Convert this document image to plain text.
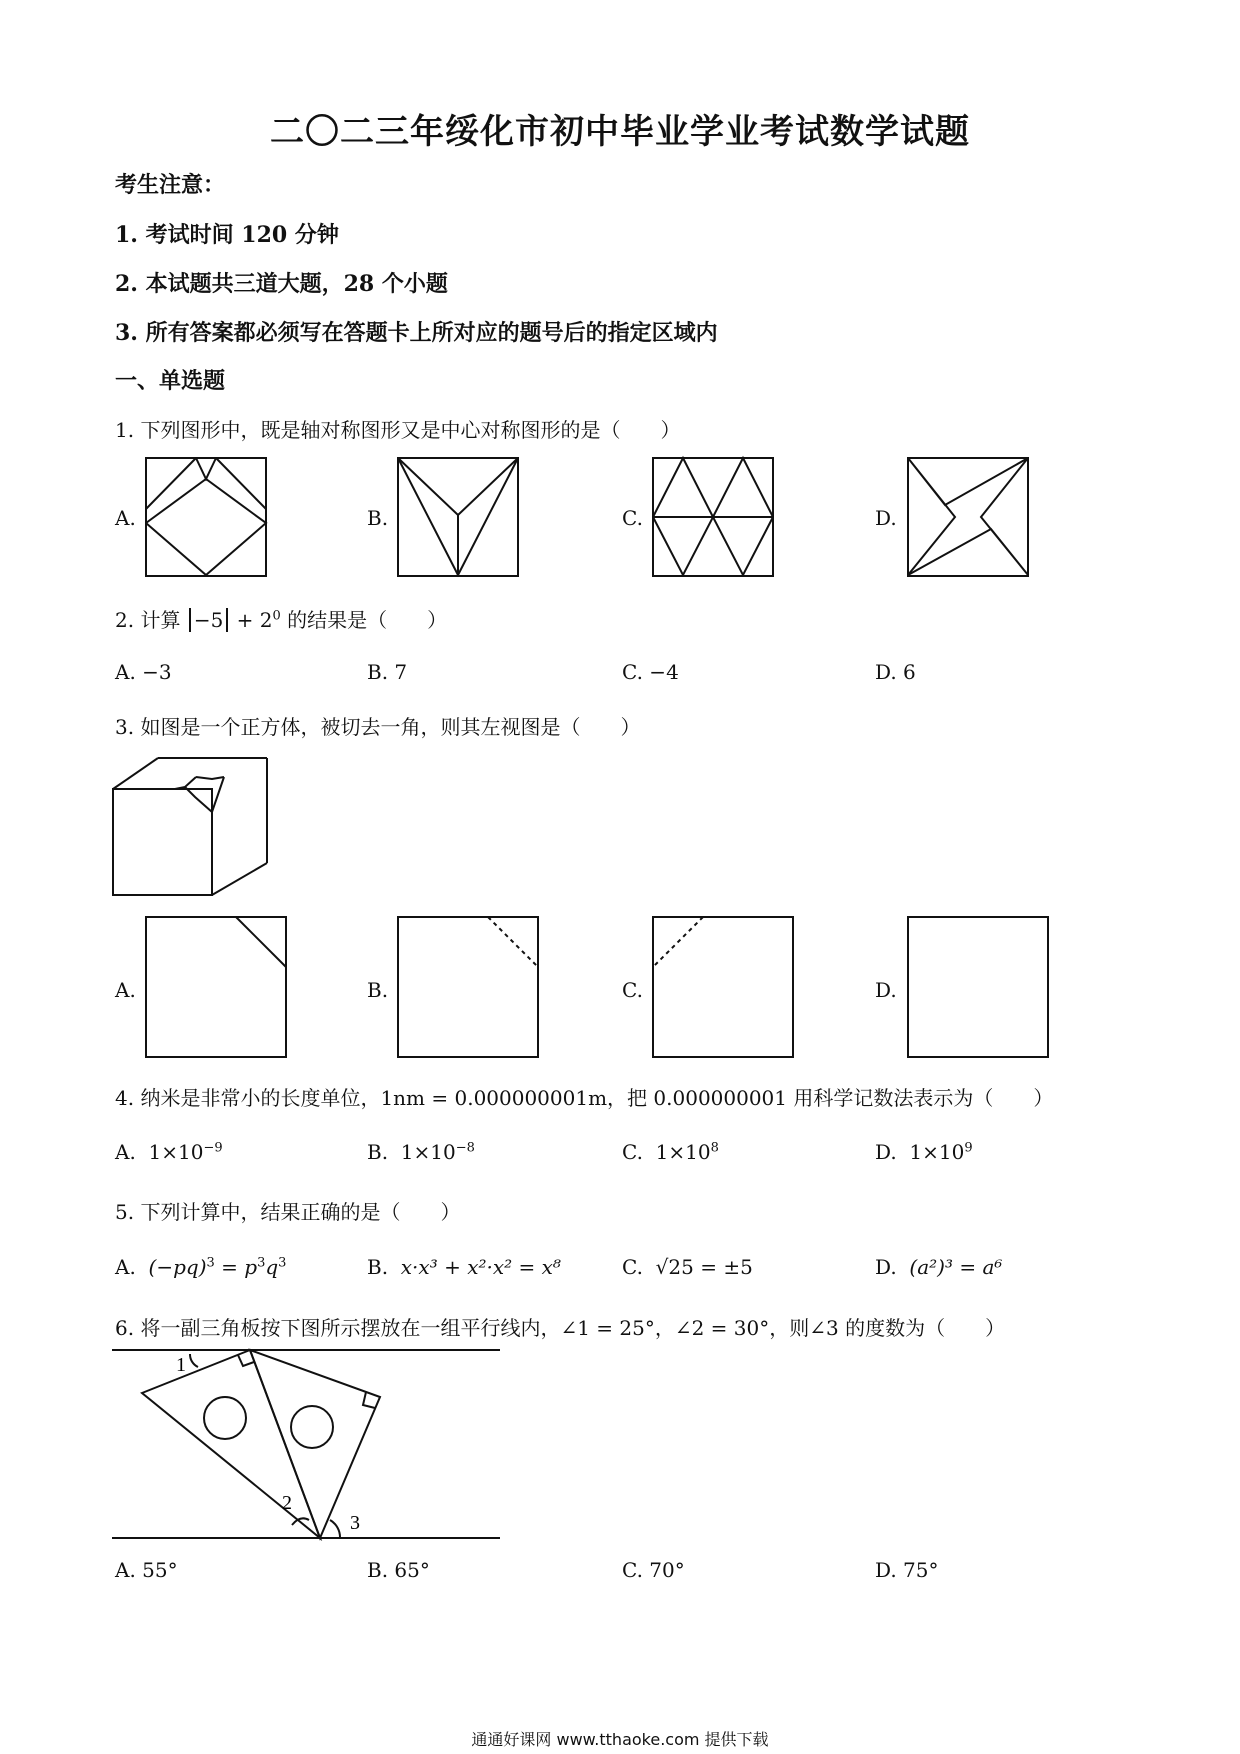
二〇二三年绥化市初中毕业学业考试数学试题
考生注意：
1. 考试时间 120 分钟
2. 本试题共三道大题，28 个小题
3. 所有答案都必须写在答题卡上所对应的题号后的指定区域内
一、单选题
1. 下列图形中，既是轴对称图形又是中心对称图形的是（　　）
A.	B.	C.	D.
2. 计算 $-5 + 2^0$ 的结果是（　　）
A. −3	B. 7	C. −4	D. 6
3. 如图是一个正方体，被切去一角，则其左视图是（　　）
A.	B.	C.	D.
4. 纳米是非常小的长度单位，1nm = 0.000000001m，把 0.000000001 用科学记数法表示为（　　）
A. $1\times 10^{-9}$	B. $1\times 10^{-8}$	C. $1\times 10^8$	D. $1\times 10^9$
5. 下列计算中，结果正确的是（　　）
A. $(-pq)^3 = p^3q^3$	B. x·x³ + x²·x² = x⁸	C. √25 = ±5	D. (a²)³ = a⁶
6. 将一副三角板按下图所示摆放在一组平行线内，∠1 = 25°，∠2 = 30°，则∠3 的度数为（　　）
1
2
3
A. 55°	B. 65°	C. 70°	D. 75°
通通好课网 www.tthaoke.com 提供下载
